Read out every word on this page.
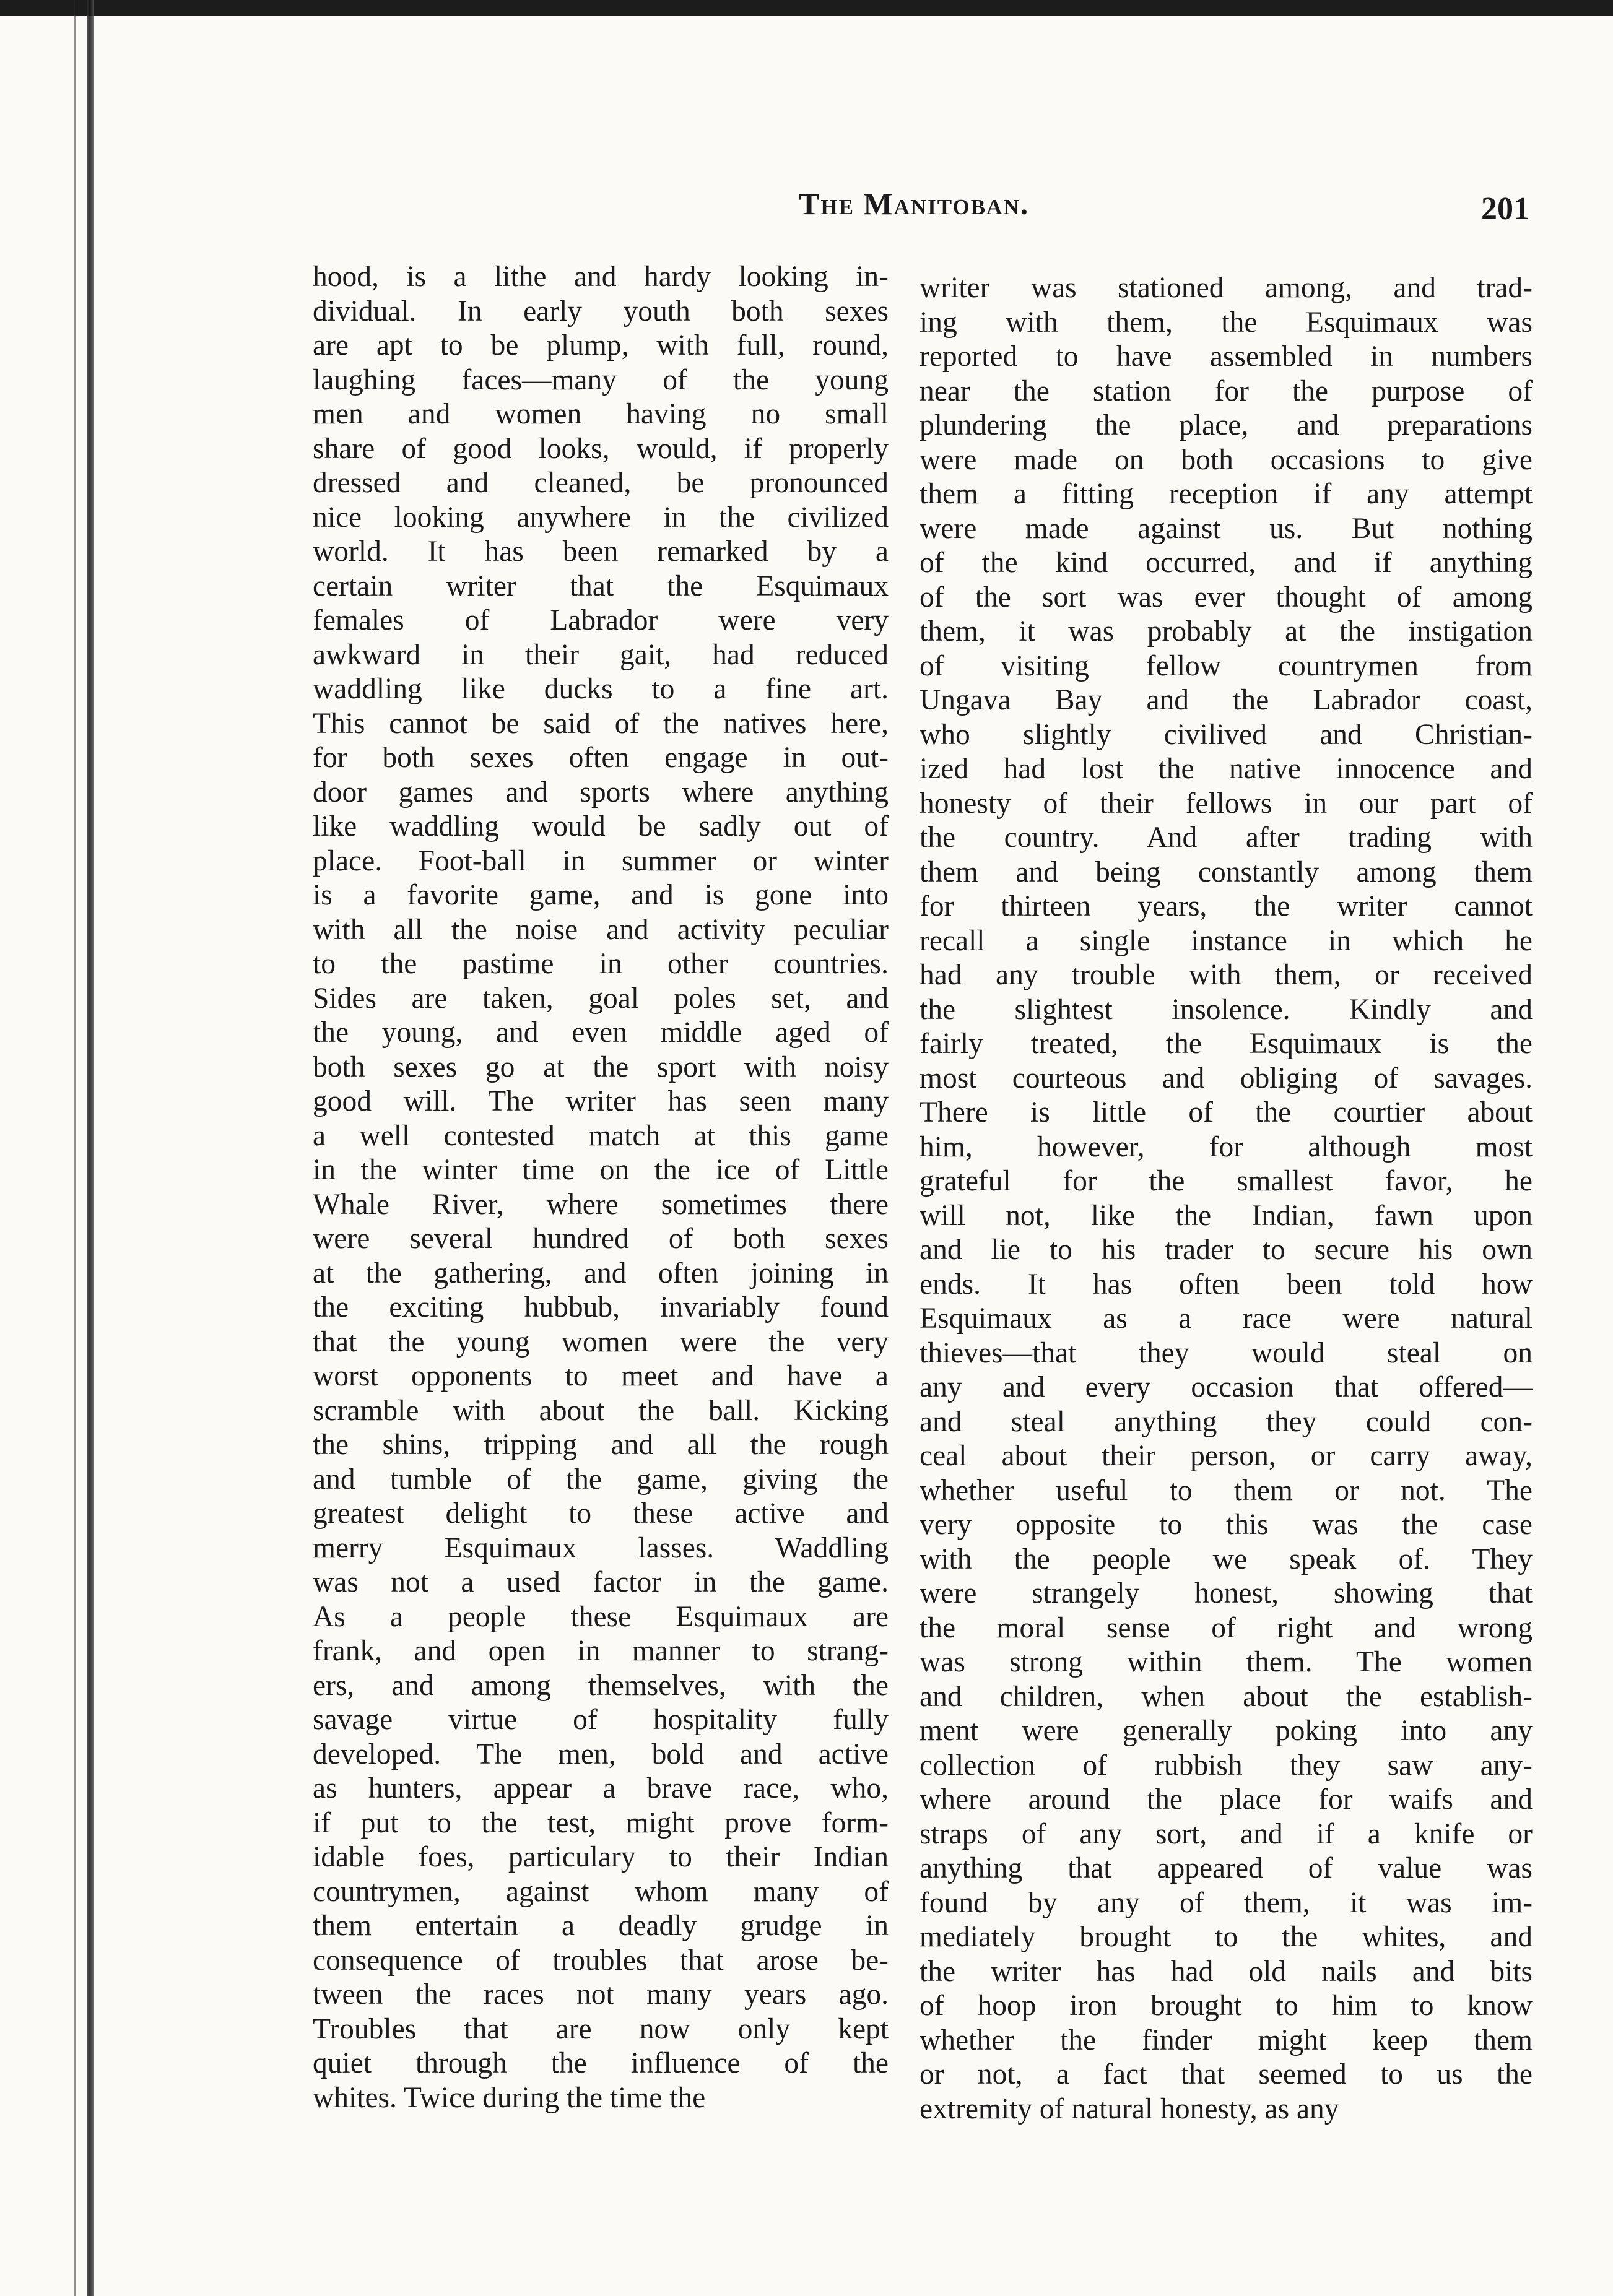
The Manitoban.	201
hood, is a lithe and hardy looking in-
dividual. In early youth both sexes
are apt to be plump, with full, round,
laughing faces—many of the young
men and women having no small
share of good looks, would, if properly
dressed and cleaned, be pronounced
nice looking anywhere in the civilized
world. It has been remarked by a
certain writer that the Esquimaux
females of Labrador were very
awkward in their gait, had reduced
waddling like ducks to a fine art.
This cannot be said of the natives here,
for both sexes often engage in out-
door games and sports where anything
like waddling would be sadly out of
place. Foot-ball in summer or winter
is a favorite game, and is gone into
with all the noise and activity peculiar
to the pastime in other countries.
Sides are taken, goal poles set, and
the young, and even middle aged of
both sexes go at the sport with noisy
good will. The writer has seen many
a well contested match at this game
in the winter time on the ice of Little
Whale River, where sometimes there
were several hundred of both sexes
at the gathering, and often joining in
the exciting hubbub, invariably found
that the young women were the very
worst opponents to meet and have a
scramble with about the ball. Kicking
the shins, tripping and all the rough
and tumble of the game, giving the
greatest delight to these active and
merry Esquimaux lasses. Waddling
was not a used factor in the game.
As a people these Esquimaux are
frank, and open in manner to strang-
ers, and among themselves, with the
savage virtue of hospitality fully
developed. The men, bold and active
as hunters, appear a brave race, who,
if put to the test, might prove form-
idable foes, particulary to their Indian
countrymen, against whom many of
them entertain a deadly grudge in
consequence of troubles that arose be-
tween the races not many years ago.
Troubles that are now only kept
quiet through the influence of the
whites. Twice during the time the
writer was stationed among, and trad-
ing with them, the Esquimaux was
reported to have assembled in numbers
near the station for the purpose of
plundering the place, and preparations
were made on both occasions to give
them a fitting reception if any attempt
were made against us. But nothing
of the kind occurred, and if anything
of the sort was ever thought of among
them, it was probably at the instigation
of visiting fellow countrymen from
Ungava Bay and the Labrador coast,
who slightly civilived and Christian-
ized had lost the native innocence and
honesty of their fellows in our part of
the country. And after trading with
them and being constantly among them
for thirteen years, the writer cannot
recall a single instance in which he
had any trouble with them, or received
the slightest insolence. Kindly and
fairly treated, the Esquimaux is the
most courteous and obliging of savages.
There is little of the courtier about
him, however, for although most
grateful for the smallest favor, he
will not, like the Indian, fawn upon
and lie to his trader to secure his own
ends. It has often been told how
Esquimaux as a race were natural
thieves—that they would steal on
any and every occasion that offered—
and steal anything they could con-
ceal about their person, or carry away,
whether useful to them or not. The
very opposite to this was the case
with the people we speak of. They
were strangely honest, showing that
the moral sense of right and wrong
was strong within them. The women
and children, when about the establish-
ment were generally poking into any
collection of rubbish they saw any-
where around the place for waifs and
straps of any sort, and if a knife or
anything that appeared of value was
found by any of them, it was im-
mediately brought to the whites, and
the writer has had old nails and bits
of hoop iron brought to him to know
whether the finder might keep them
or not, a fact that seemed to us the
extremity of natural honesty, as any
